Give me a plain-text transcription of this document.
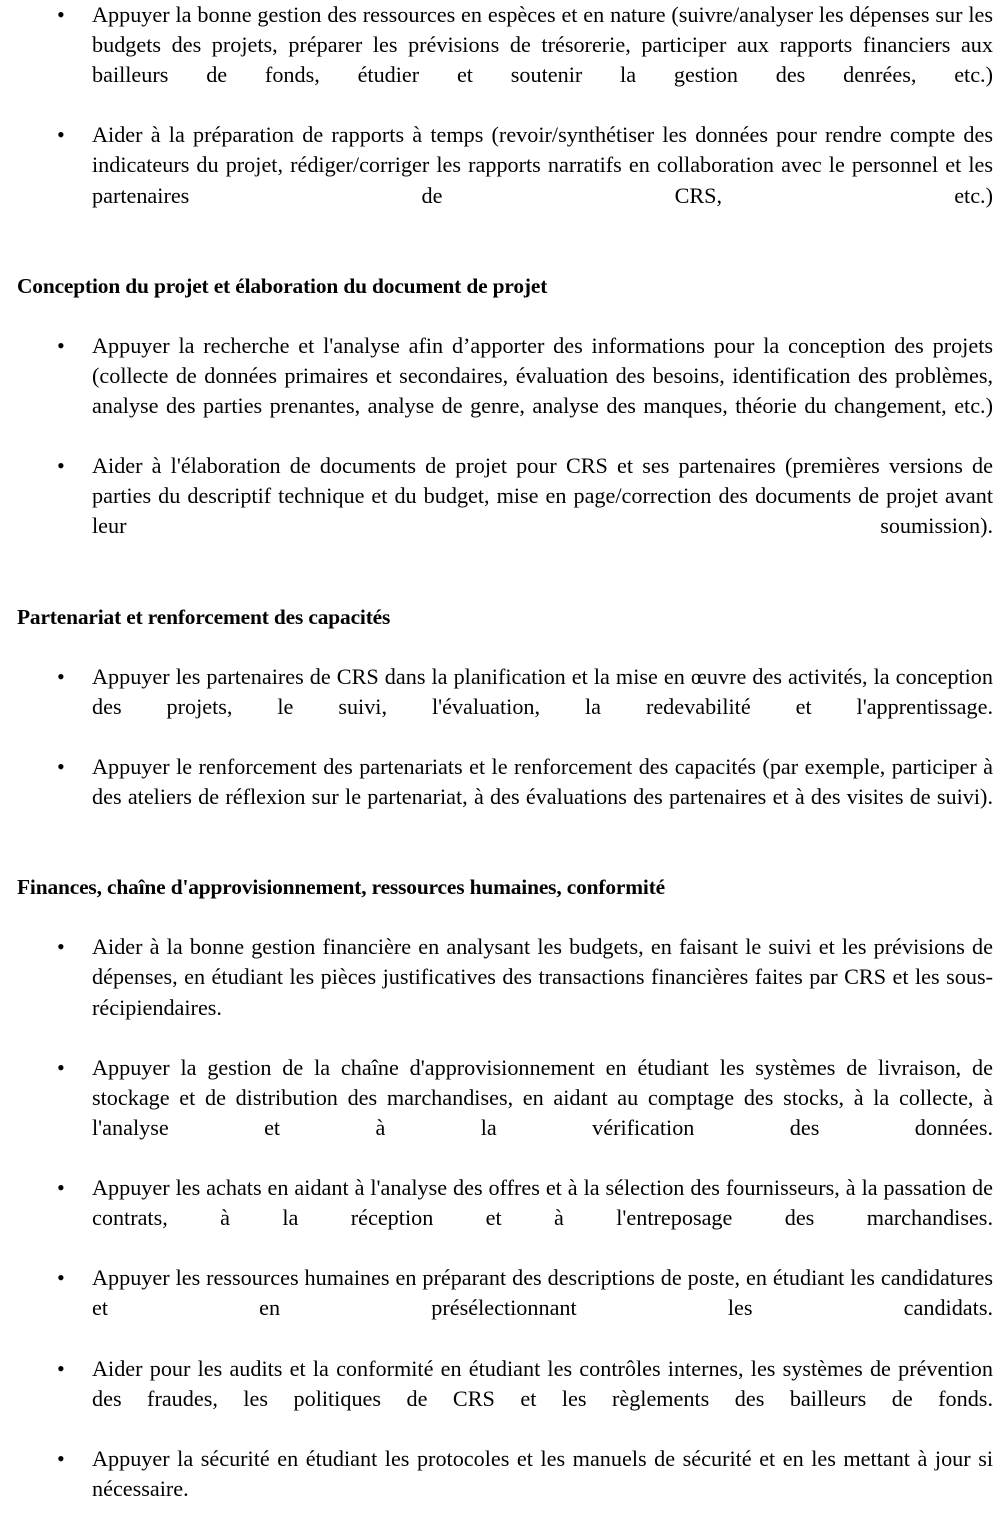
• Appuyer la bonne gestion des ressources en espèces et en nature (suivre/analyser les dépenses sur les budgets des projets, préparer les prévisions de trésorerie, participer aux rapports financiers aux bailleurs de fonds, étudier et soutenir la gestion des denrées, etc.)
• Aider à la préparation de rapports à temps (revoir/synthétiser les données pour rendre compte des indicateurs du projet, rédiger/corriger les rapports narratifs en collaboration avec le personnel et les partenaires de CRS, etc.)
Conception du projet et élaboration du document de projet
• Appuyer la recherche et l'analyse afin d’apporter des informations pour la conception des projets (collecte de données primaires et secondaires, évaluation des besoins, identification des problèmes, analyse des parties prenantes, analyse de genre, analyse des manques, théorie du changement, etc.)
• Aider à l'élaboration de documents de projet pour CRS et ses partenaires (premières versions de parties du descriptif technique et du budget, mise en page/correction des documents de projet avant leur soumission).
Partenariat et renforcement des capacités
• Appuyer les partenaires de CRS dans la planification et la mise en œuvre des activités, la conception des projets, le suivi, l'évaluation, la redevabilité et l'apprentissage.
• Appuyer le renforcement des partenariats et le renforcement des capacités (par exemple, participer à des ateliers de réflexion sur le partenariat, à des évaluations des partenaires et à des visites de suivi).
Finances, chaîne d'approvisionnement, ressources humaines, conformité
• Aider à la bonne gestion financière en analysant les budgets, en faisant le suivi et les prévisions de dépenses, en étudiant les pièces justificatives des transactions financières faites par CRS et les sous-récipiendaires.
• Appuyer la gestion de la chaîne d'approvisionnement en étudiant les systèmes de livraison, de stockage et de distribution des marchandises, en aidant au comptage des stocks, à la collecte, à l'analyse et à la vérification des données.
• Appuyer les achats en aidant à l'analyse des offres et à la sélection des fournisseurs, à la passation de contrats, à la réception et à l'entreposage des marchandises.
• Appuyer les ressources humaines en préparant des descriptions de poste, en étudiant les candidatures et en présélectionnant les candidats.
• Aider pour les audits et la conformité en étudiant les contrôles internes, les systèmes de prévention des fraudes, les politiques de CRS et les règlements des bailleurs de fonds.
• Appuyer la sécurité en étudiant les protocoles et les manuels de sécurité et en les mettant à jour si nécessaire.
